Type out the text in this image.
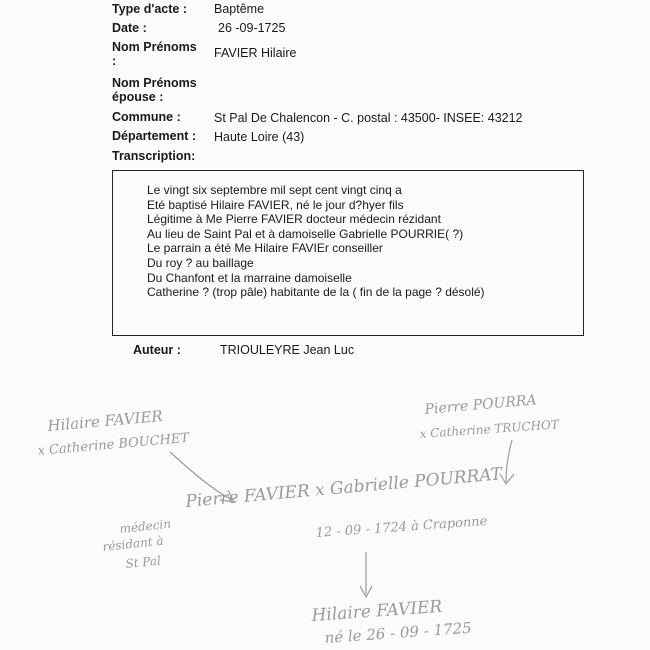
Type d'acte : Baptême
Date :	26 -09-1725
Nom Prénoms
:
FAVIER Hilaire
Nom Prénoms
épouse :
Commune :	St Pal De Chalencon - C. postal : 43500- INSEE: 43212
Département : Haute Loire (43)
Transcription:
Le vingt six septembre mil sept cent vingt cinq a
Eté baptisé Hilaire FAVIER, né le jour d?hyer fils
Légitime à Me Pierre FAVIER docteur médecin rézidant
Au lieu de Saint Pal et à damoiselle Gabrielle POURRIE( ?)
Le parrain a été Me Hilaire FAVIEr conseiller
Du roy ? au baillage
Du Chanfont et la marraine damoiselle
Catherine ? (trop pâle) habitante de la ( fin de la page ? désolé)
Auteur :	TRIOULEYRE Jean Luc
Hilaire FAVIER
x Catherine BOUCHET
Pierre POURRA
x Catherine TRUCHOT
Pierre FAVIER x Gabrielle POURRAT
12 - 09 - 1724 à Craponne
médecin
résidant à
St Pal
Hilaire FAVIER
né le 26 - 09 - 1725
